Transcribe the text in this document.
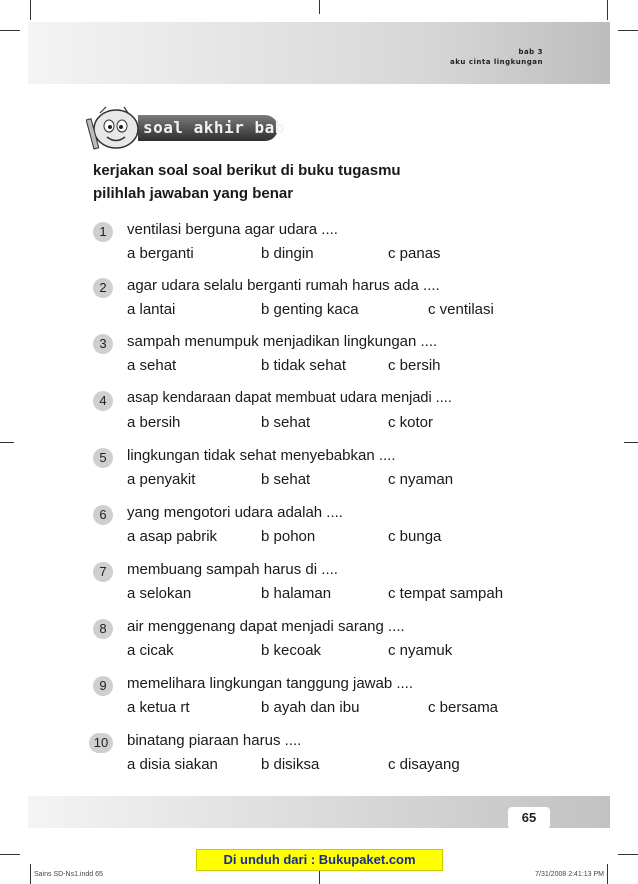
bab 3
aku cinta lingkungan
soal akhir bab
kerjakan soal soal berikut di buku tugasmu
pilihlah jawaban yang benar
1	ventilasi berguna agar udara ....
a berganti	b dingin	c panas
2	agar udara selalu berganti rumah harus ada ....
a lantai	b genting kaca	c ventilasi
3	sampah menumpuk menjadikan lingkungan ....
a sehat	b tidak sehat	c bersih
4	asap kendaraan dapat membuat udara menjadi ....
a bersih	b sehat	c kotor
5	lingkungan tidak sehat menyebabkan ....
a penyakit	b sehat	c nyaman
6	yang mengotori udara adalah ....
a asap pabrik	b pohon	c bunga
7	membuang sampah harus di ....
a selokan	b halaman	c tempat sampah
8	air menggenang dapat menjadi sarang ....
a cicak	b kecoak	c nyamuk
9	memelihara lingkungan tanggung jawab ....
a ketua rt	b ayah dan ibu	c bersama
10	binatang piaraan harus ....
a disia siakan	b disiksa	c disayang
65
Di unduh dari : Bukupaket.com
Sains SD-Ns1.indd 65	7/31/2008 2:41:13 PM
